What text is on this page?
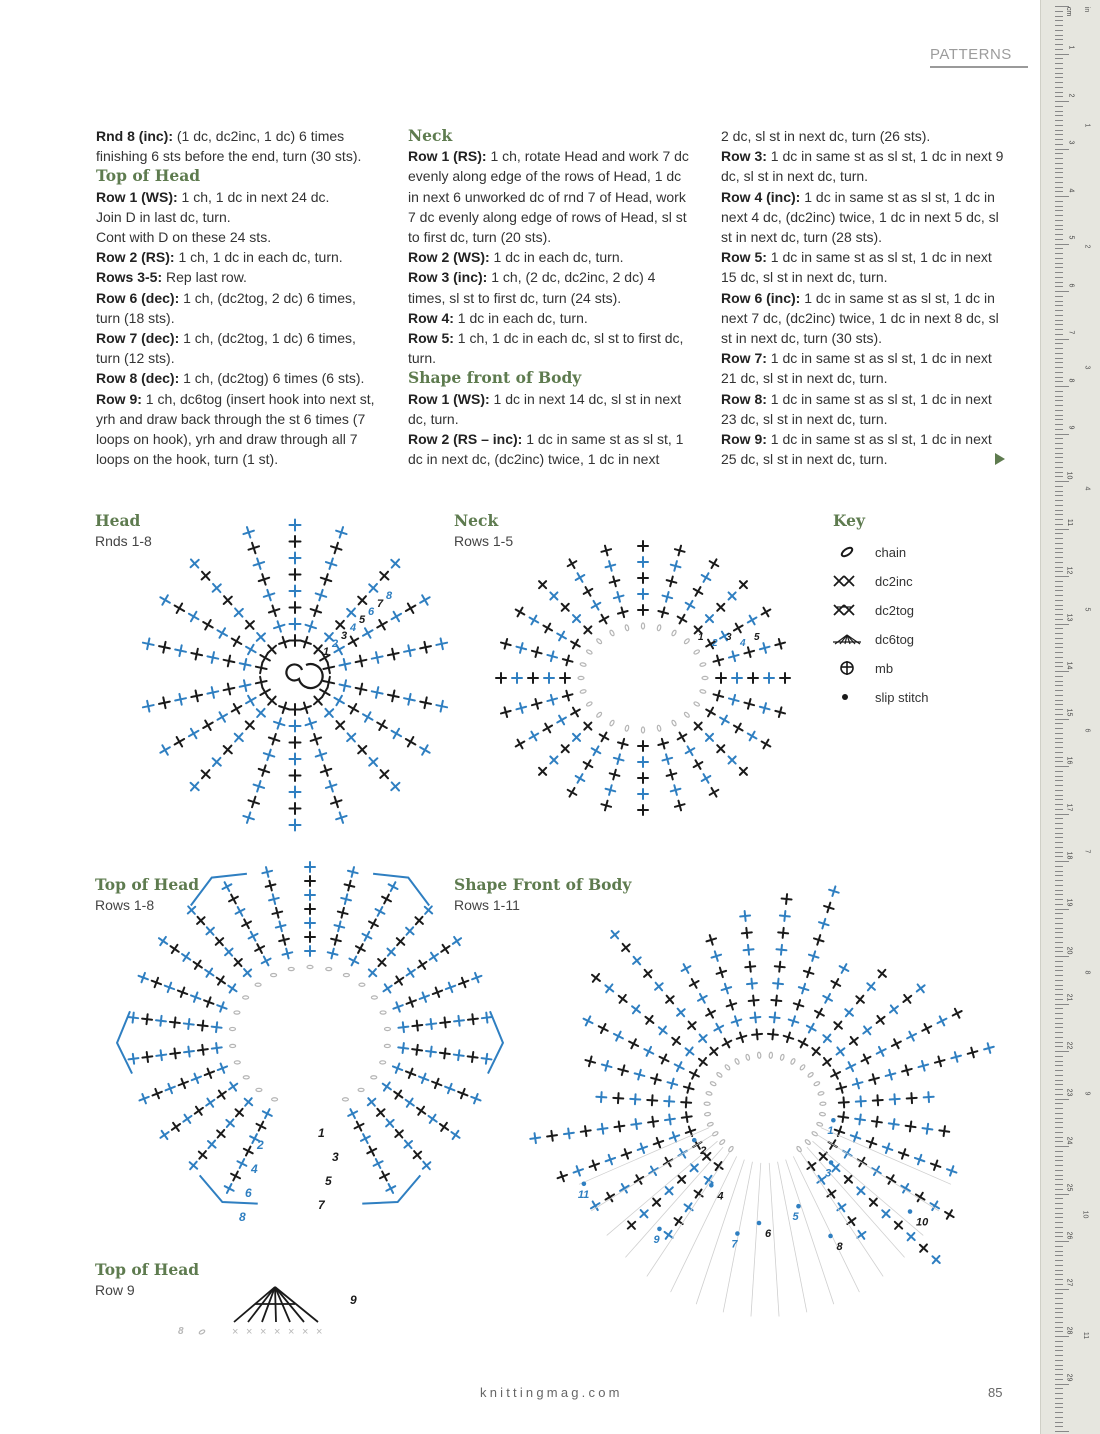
PATTERNS

Rnd 8 (inc): (1 dc, dc2inc, 1 dc) 6 times finishing 6 sts before the end, turn (30 sts).

Top of Head

Row 1 (WS): 1 ch, 1 dc in next 24 dc.

Join D in last dc, turn.

Cont with D on these 24 sts.

Row 2 (RS): 1 ch, 1 dc in each dc, turn.

Rows 3-5: Rep last row.

Row 6 (dec): 1 ch, (dc2tog, 2 dc) 6 times, turn (18 sts).

Row 7 (dec): 1 ch, (dc2tog, 1 dc) 6 times, turn (12 sts).

Row 8 (dec): 1 ch, (dc2tog) 6 times (6 sts).

Row 9: 1 ch, dc6tog (insert hook into next st, yrh and draw back through the st 6 times (7 loops on hook), yrh and draw through all 7 loops on the hook, turn (1 st).

Neck

Row 1 (RS): 1 ch, rotate Head and work 7 dc evenly along edge of the rows of Head, 1 dc in next 6 unworked dc of rnd 7 of Head, work 7 dc evenly along edge of rows of Head, sl st to first dc, turn (20 sts).

Row 2 (WS): 1 dc in each dc, turn.

Row 3 (inc): 1 ch, (2 dc, dc2inc, 2 dc) 4 times, sl st to first dc, turn (24 sts).

Row 4: 1 dc in each dc, turn.

Row 5: 1 ch, 1 dc in each dc, sl st to first dc, turn.

Shape front of Body

Row 1 (WS): 1 dc in next 14 dc, sl st in next dc, turn.

Row 2 (RS – inc): 1 dc in same st as sl st, 1 dc in next dc, (dc2inc) twice, 1 dc in next

2 dc, sl st in next dc, turn (26 sts).

Row 3: 1 dc in same st as sl st, 1 dc in next 9 dc, sl st in next dc, turn.

Row 4 (inc): 1 dc in same st as sl st, 1 dc in next 4 dc, (dc2inc) twice, 1 dc in next 5 dc, sl st in next dc, turn (28 sts).

Row 5: 1 dc in same st as sl st, 1 dc in next 15 dc, sl st in next dc, turn.

Row 6 (inc): 1 dc in same st as sl st, 1 dc in next 7 dc, (dc2inc) twice, 1 dc in next 8 dc, sl st in next dc, turn (30 sts).

Row 7: 1 dc in same st as sl st, 1 dc in next 21 dc, sl st in next dc, turn.

Row 8: 1 dc in same st as sl st, 1 dc in next 23 dc, sl st in next dc, turn.

Row 9: 1 dc in same st as sl st, 1 dc in next 25 dc, sl st in next dc, turn.

Head
Rnds 1-8
Neck
Rows 1-5
Top of Head
Rows 1-8
Shape Front of Body
Rows 1-11
Top of Head
Row 9
1
2
3
4
5
6
7
8
1
2
3
4
5
1
2
3
4
5
6
7
8
1
2
3
4
5
6
7	8
9
10
11
× × × × × × ×
8
9
Key
chain
dc2inc
dc2tog
dc6tog
mb
slip stitch
knittingmag.com	85
cm in
1
2
3
4
5
6
7
8
9
10
11
12
13
14
15
16
17
18
19
20
21
22
23
24
25
26
27
28
29
1
2
3
4
5
6
7
8
9
10
11
